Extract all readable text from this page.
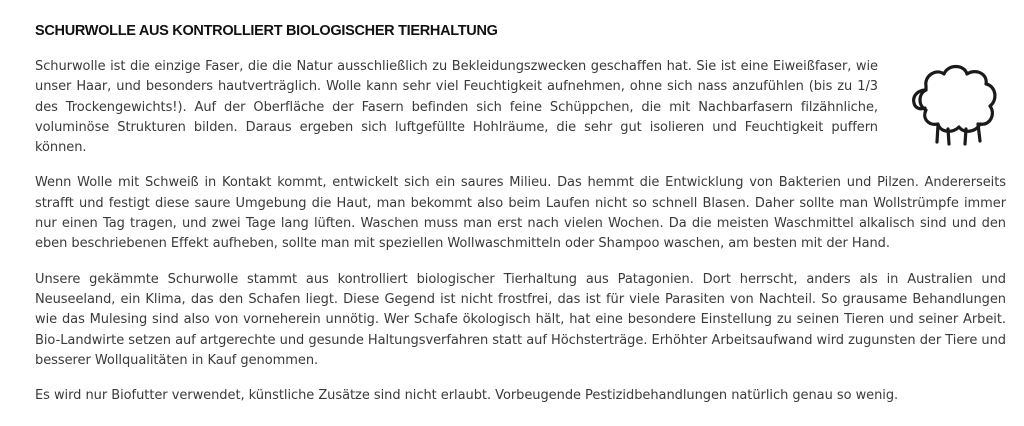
SCHURWOLLE AUS KONTROLLIERT BIOLOGISCHER TIERHALTUNG

Schurwolle ist die einzige Faser, die die Natur ausschließlich zu Bekleidungszwecken geschaffen hat. Sie ist eine Eiweißfaser, wie unser Haar, und besonders hautverträglich. Wolle kann sehr viel Feuchtigkeit aufnehmen, ohne sich nass anzufühlen (bis zu 1/3 des Trockengewichts!). Auf der Oberfläche der Fasern befinden sich feine Schüppchen, die mit Nachbarfasern filzähnliche, voluminöse Strukturen bilden. Daraus ergeben sich luftgefüllte Hohlräume, die sehr gut isolieren und Feuchtigkeit puffern können.

Wenn Wolle mit Schweiß in Kontakt kommt, entwickelt sich ein saures Milieu. Das hemmt die Entwicklung von Bakterien und Pilzen. Andererseits strafft und festigt diese saure Umgebung die Haut, man bekommt also beim Laufen nicht so schnell Blasen. Daher sollte man Wollstrümpfe immer nur einen Tag tragen, und zwei Tage lang lüften. Waschen muss man erst nach vielen Wochen. Da die meisten Waschmittel alkalisch sind und den eben beschriebenen Effekt aufheben, sollte man mit speziellen Wollwaschmitteln oder Shampoo waschen, am besten mit der Hand.

Unsere gekämmte Schurwolle stammt aus kontrolliert biologischer Tierhaltung aus Patagonien. Dort herrscht, anders als in Australien und Neuseeland, ein Klima, das den Schafen liegt. Diese Gegend ist nicht frostfrei, das ist für viele Parasiten von Nachteil. So grausame Behandlungen wie das Mulesing sind also von vorneherein unnötig. Wer Schafe ökologisch hält, hat eine besondere Einstellung zu seinen Tieren und seiner Arbeit. Bio-Landwirte setzen auf artgerechte und gesunde Haltungsverfahren statt auf Höchsterträge. Erhöhter Arbeitsaufwand wird zugunsten der Tiere und besserer Wollqualitäten in Kauf genommen.

Es wird nur Biofutter verwendet, künstliche Zusätze sind nicht erlaubt. Vorbeugende Pestizidbehandlungen natürlich genau so wenig.
